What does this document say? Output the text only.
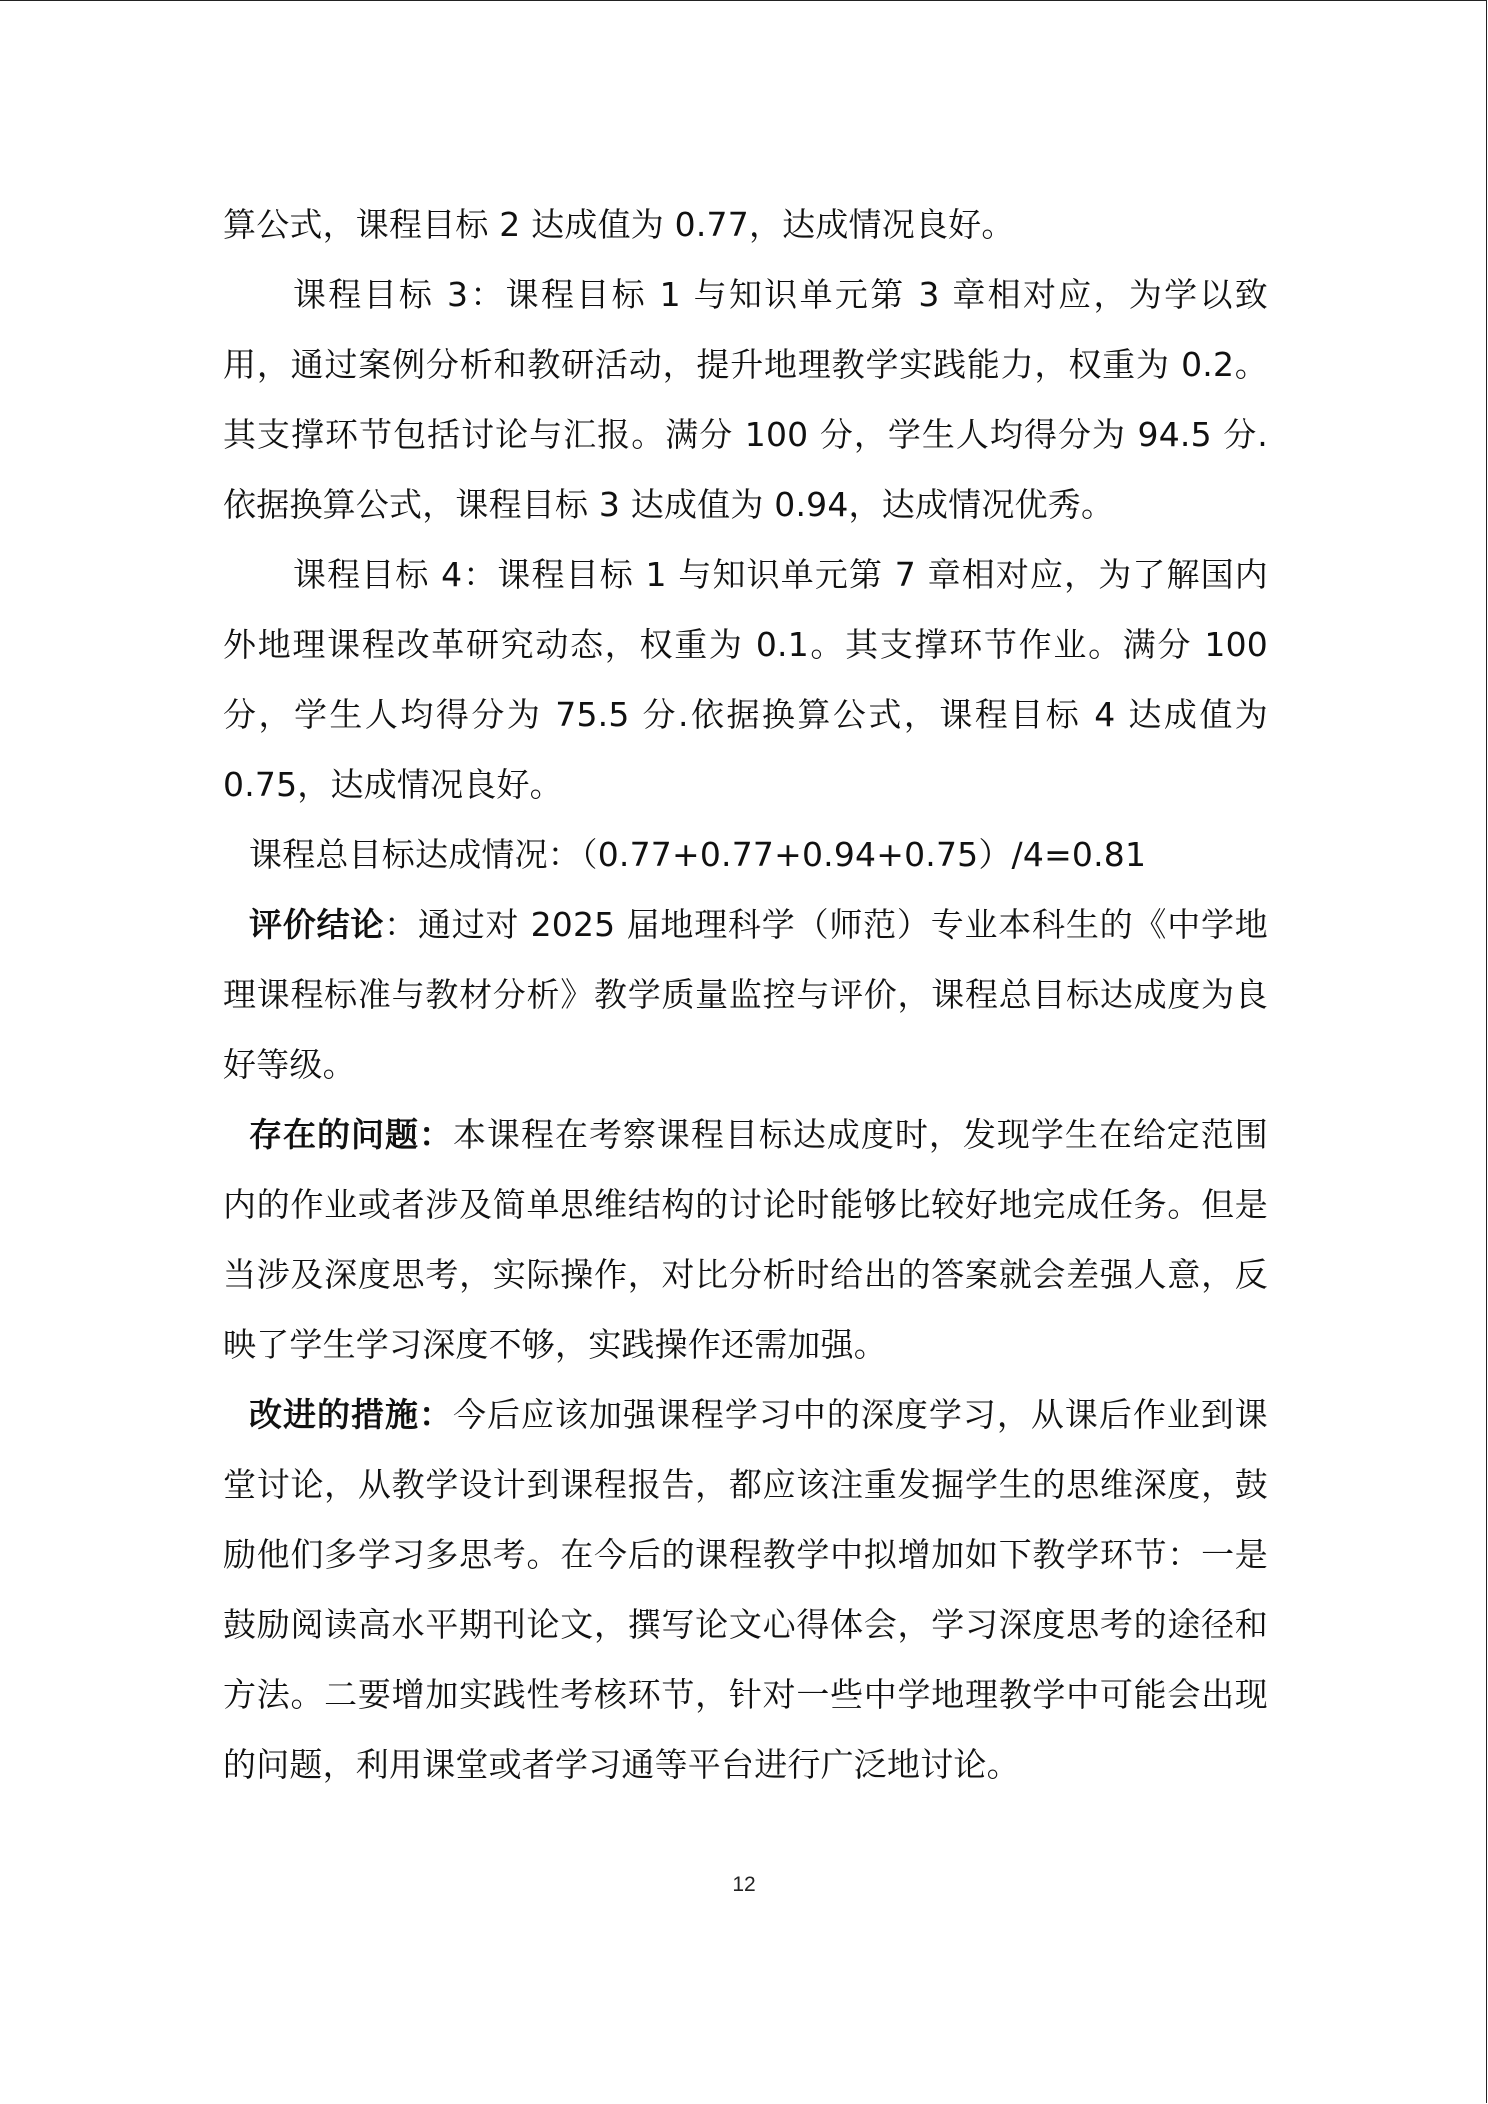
算公式，课程目标 2 达成值为 0.77，达成情况良好。

课程目标 3：课程目标 1 与知识单元第 3 章相对应，为学以致用，通过案例分析和教研活动，提升地理教学实践能力，权重为 0.2。其支撑环节包括讨论与汇报。满分 100 分，学生人均得分为 94.5 分.依据换算公式，课程目标 3 达成值为 0.94，达成情况优秀。

课程目标 4：课程目标 1 与知识单元第 7 章相对应，为了解国内外地理课程改革研究动态，权重为 0.1。其支撑环节作业。满分 100 分，学生人均得分为 75.5 分.依据换算公式，课程目标 4 达成值为 0.75，达成情况良好。

课程总目标达成情况：（0.77+0.77+0.94+0.75）/4=0.81

评价结论：通过对 2025 届地理科学（师范）专业本科生的《中学地理课程标准与教材分析》教学质量监控与评价，课程总目标达成度为良好等级。

存在的问题：本课程在考察课程目标达成度时，发现学生在给定范围内的作业或者涉及简单思维结构的讨论时能够比较好地完成任务。但是当涉及深度思考，实际操作，对比分析时给出的答案就会差强人意，反映了学生学习深度不够，实践操作还需加强。

改进的措施：今后应该加强课程学习中的深度学习，从课后作业到课堂讨论，从教学设计到课程报告，都应该注重发掘学生的思维深度，鼓励他们多学习多思考。在今后的课程教学中拟增加如下教学环节：一是鼓励阅读高水平期刊论文，撰写论文心得体会，学习深度思考的途径和方法。二要增加实践性考核环节，针对一些中学地理教学中可能会出现的问题，利用课堂或者学习通等平台进行广泛地讨论。

12
